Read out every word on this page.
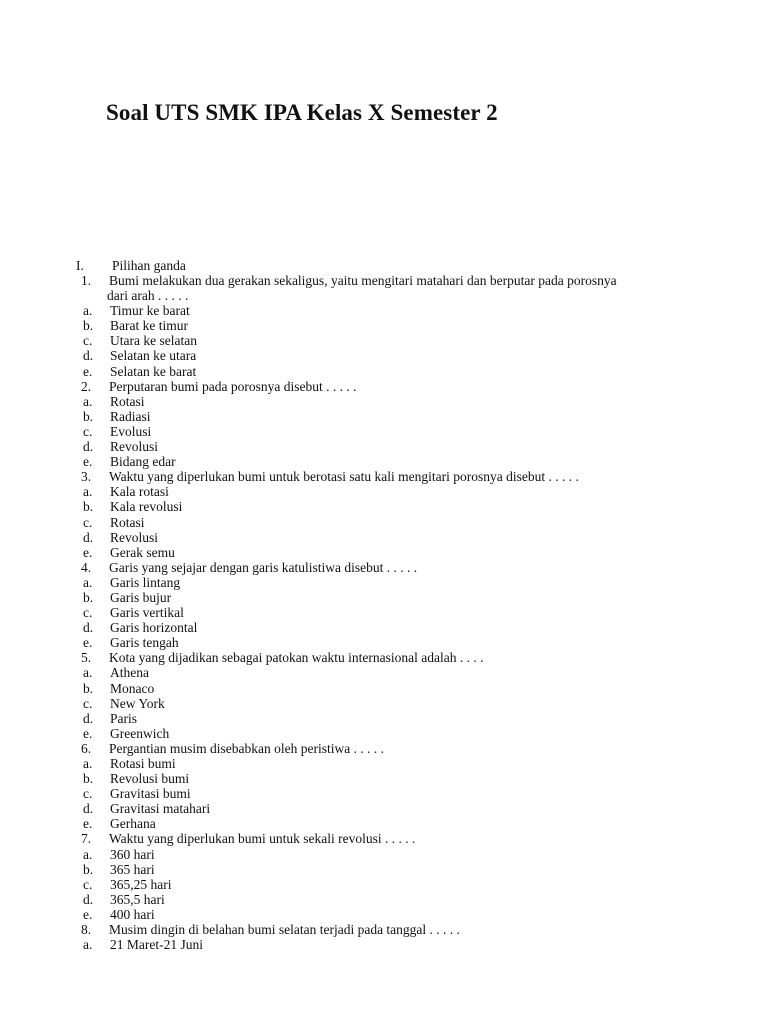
Soal UTS SMK IPA Kelas X Semester 2
I. Pilihan ganda
1. Bumi melakukan dua gerakan sekaligus, yaitu mengitari matahari dan berputar pada porosnya
dari arah . . . . .
a. Timur ke barat
b. Barat ke timur
c. Utara ke selatan
d. Selatan ke utara
e. Selatan ke barat
2. Perputaran bumi pada porosnya disebut . . . . .
a. Rotasi
b. Radiasi
c. Evolusi
d. Revolusi
e. Bidang edar
3. Waktu yang diperlukan bumi untuk berotasi satu kali mengitari porosnya disebut . . . . .
a. Kala rotasi
b. Kala revolusi
c. Rotasi
d. Revolusi
e. Gerak semu
4. Garis yang sejajar dengan garis katulistiwa disebut . . . . .
a. Garis lintang
b. Garis bujur
c. Garis vertikal
d. Garis horizontal
e. Garis tengah
5. Kota yang dijadikan sebagai patokan waktu internasional adalah . . . .
a. Athena
b. Monaco
c. New York
d. Paris
e. Greenwich
6. Pergantian musim disebabkan oleh peristiwa . . . . .
a. Rotasi bumi
b. Revolusi bumi
c. Gravitasi bumi
d. Gravitasi matahari
e. Gerhana
7. Waktu yang diperlukan bumi untuk sekali revolusi . . . . .
a. 360 hari
b. 365 hari
c. 365,25 hari
d. 365,5 hari
e. 400 hari
8. Musim dingin di belahan bumi selatan terjadi pada tanggal . . . . .
a. 21 Maret-21 Juni
